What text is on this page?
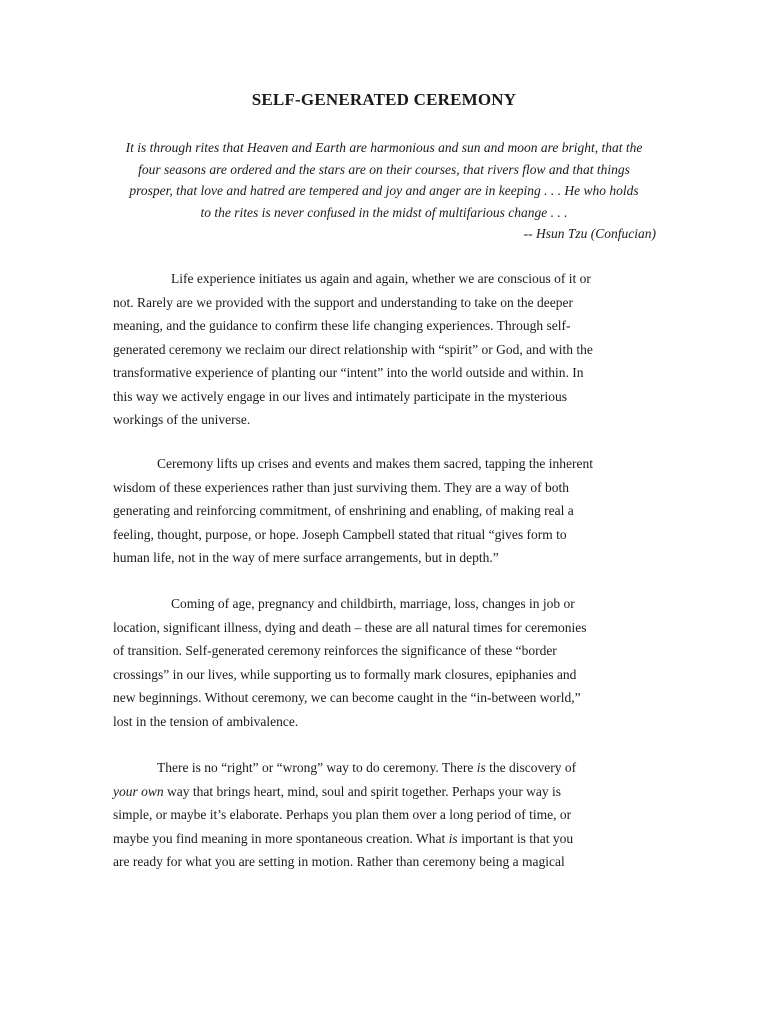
SELF-GENERATED CEREMONY
It is through rites that Heaven and Earth are harmonious and sun and moon are bright, that the
four seasons are ordered and the stars are on their courses, that rivers flow and that things
prosper, that love and hatred are tempered and joy and anger are in keeping . . . He who holds
to the rites is never confused in the midst of multifarious change . . .
-- Hsun Tzu (Confucian)
Life experience initiates us again and again, whether we are conscious of it or
not. Rarely are we provided with the support and understanding to take on the deeper
meaning, and the guidance to confirm these life changing experiences. Through self-
generated ceremony we reclaim our direct relationship with “spirit” or God, and with the
transformative experience of planting our “intent” into the world outside and within. In
this way we actively engage in our lives and intimately participate in the mysterious
workings of the universe.
Ceremony lifts up crises and events and makes them sacred, tapping the inherent
wisdom of these experiences rather than just surviving them. They are a way of both
generating and reinforcing commitment, of enshrining and enabling, of making real a
feeling, thought, purpose, or hope. Joseph Campbell stated that ritual “gives form to
human life, not in the way of mere surface arrangements, but in depth.”
Coming of age, pregnancy and childbirth, marriage, loss, changes in job or
location, significant illness, dying and death – these are all natural times for ceremonies
of transition. Self-generated ceremony reinforces the significance of these “border
crossings” in our lives, while supporting us to formally mark closures, epiphanies and
new beginnings. Without ceremony, we can become caught in the “in-between world,”
lost in the tension of ambivalence.
There is no “right” or “wrong” way to do ceremony. There is the discovery of
your own way that brings heart, mind, soul and spirit together. Perhaps your way is
simple, or maybe it’s elaborate. Perhaps you plan them over a long period of time, or
maybe you find meaning in more spontaneous creation. What is important is that you
are ready for what you are setting in motion. Rather than ceremony being a magical
